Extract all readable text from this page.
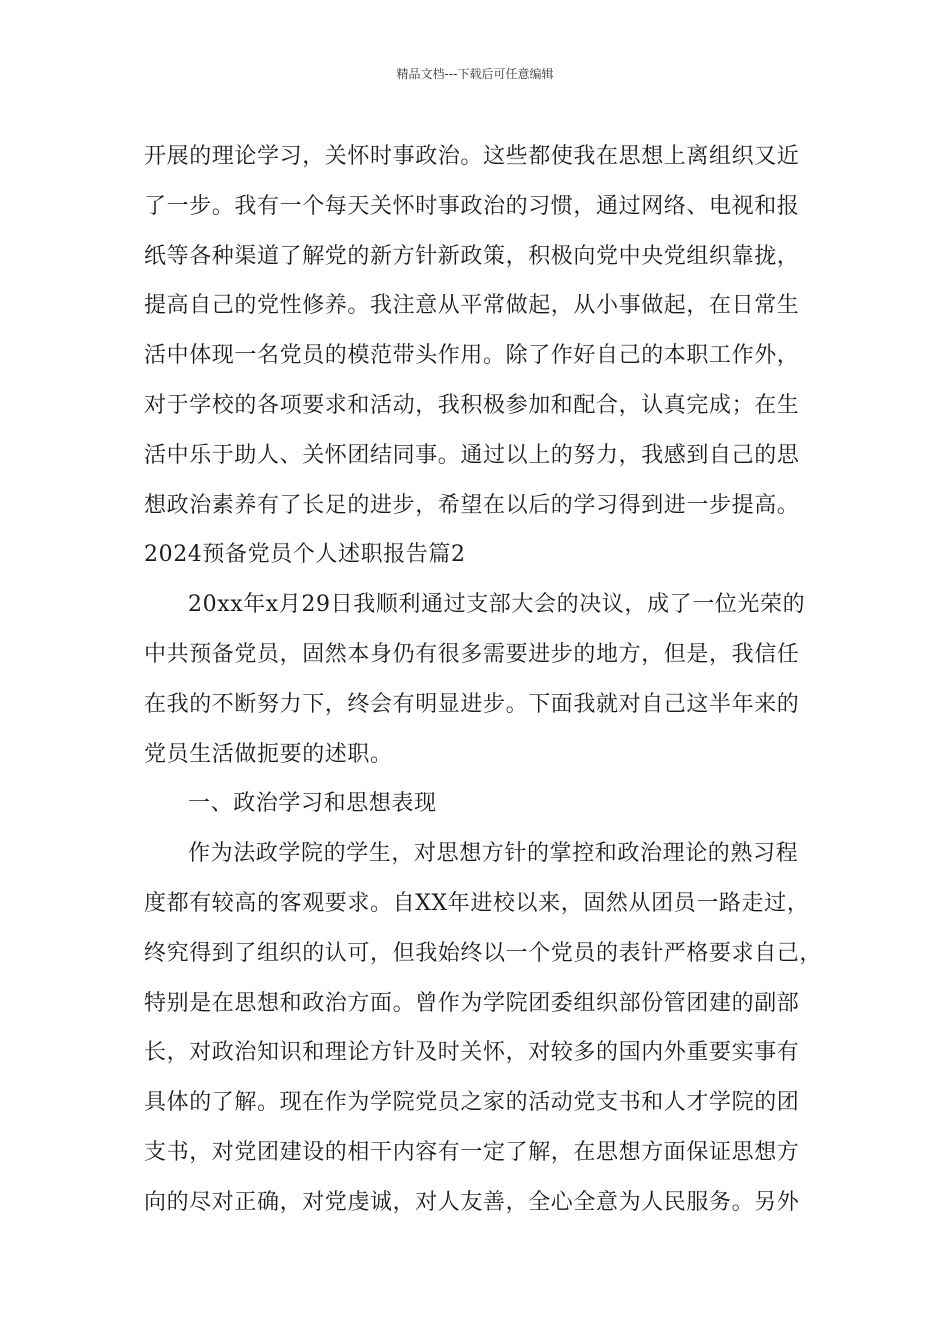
精品文档---下载后可任意编辑
开展的理论学习，关怀时事政治。这些都使我在思想上离组织又近
了一步。我有一个每天关怀时事政治的习惯，通过网络、电视和报
纸等各种渠道了解党的新方针新政策，积极向党中央党组织靠拢，
提高自己的党性修养。我注意从平常做起，从小事做起，在日常生
活中体现一名党员的模范带头作用。除了作好自己的本职工作外，
对于学校的各项要求和活动，我积极参加和配合，认真完成；在生
活中乐于助人、关怀团结同事。通过以上的努力，我感到自己的思
想政治素养有了长足的进步，希望在以后的学习得到进一步提高。
2024预备党员个人述职报告篇2
20xx年x月29日我顺利通过支部大会的决议，成了一位光荣的
中共预备党员，固然本身仍有很多需要进步的地方，但是，我信任
在我的不断努力下，终会有明显进步。下面我就对自己这半年来的
党员生活做扼要的述职。
一、政治学习和思想表现
作为法政学院的学生，对思想方针的掌控和政治理论的熟习程
度都有较高的客观要求。自XX年进校以来，固然从团员一路走过，
终究得到了组织的认可，但我始终以一个党员的表针严格要求自己，
特别是在思想和政治方面。曾作为学院团委组织部份管团建的副部
长，对政治知识和理论方针及时关怀，对较多的国内外重要实事有
具体的了解。现在作为学院党员之家的活动党支书和人才学院的团
支书，对党团建设的相干内容有一定了解，在思想方面保证思想方
向的尽对正确，对党虔诚，对人友善，全心全意为人民服务。另外
